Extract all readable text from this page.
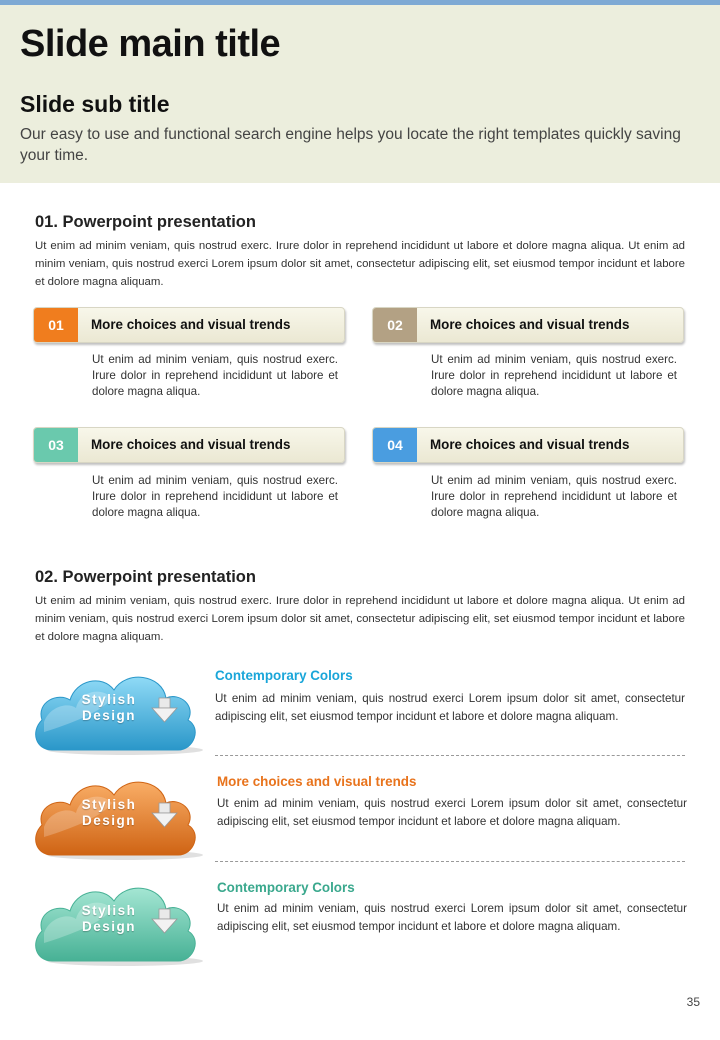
Slide main title
Slide sub title
Our easy to use and functional search engine helps you locate the right templates quickly saving your time.
01. Powerpoint presentation
Ut enim ad minim veniam, quis nostrud exerc. Irure dolor in reprehend incididunt ut labore et dolore magna aliqua. Ut enim ad minim veniam, quis nostrud exerci Lorem ipsum dolor sit amet, consectetur adipiscing elit, set eiusmod tempor incidunt et labore et dolore magna aliquam.
01	More choices and visual trends
Ut enim ad minim veniam, quis nostrud exerc. Irure dolor in reprehend incididunt ut labore et dolore magna aliqua.
02	More choices and visual trends
Ut enim ad minim veniam, quis nostrud exerc. Irure dolor in reprehend incididunt ut labore et dolore magna aliqua.
03	More choices and visual trends
Ut enim ad minim veniam, quis nostrud exerc. Irure dolor in reprehend incididunt ut labore et dolore magna aliqua.
04	More choices and visual trends
Ut enim ad minim veniam, quis nostrud exerc. Irure dolor in reprehend incididunt ut labore et dolore magna aliqua.
02. Powerpoint presentation
Ut enim ad minim veniam, quis nostrud exerc. Irure dolor in reprehend incididunt ut labore et dolore magna aliqua. Ut enim ad minim veniam, quis nostrud exerci Lorem ipsum dolor sit amet, consectetur adipiscing elit, set eiusmod tempor incidunt et labore et dolore magna aliquam.
Stylish
Design
Contemporary Colors
Ut enim ad minim veniam, quis nostrud exerci Lorem ipsum dolor sit amet, consectetur adipiscing elit, set eiusmod tempor incidunt et labore et dolore magna aliquam.
Stylish
Design
More choices and visual trends
Ut enim ad minim veniam, quis nostrud exerci Lorem ipsum dolor sit amet, consectetur adipiscing elit, set eiusmod tempor incidunt et labore et dolore magna aliquam.
Stylish
Design
Contemporary Colors
Ut enim ad minim veniam, quis nostrud exerci Lorem ipsum dolor sit amet, consectetur adipiscing elit, set eiusmod tempor incidunt et labore et dolore magna aliquam.
35
